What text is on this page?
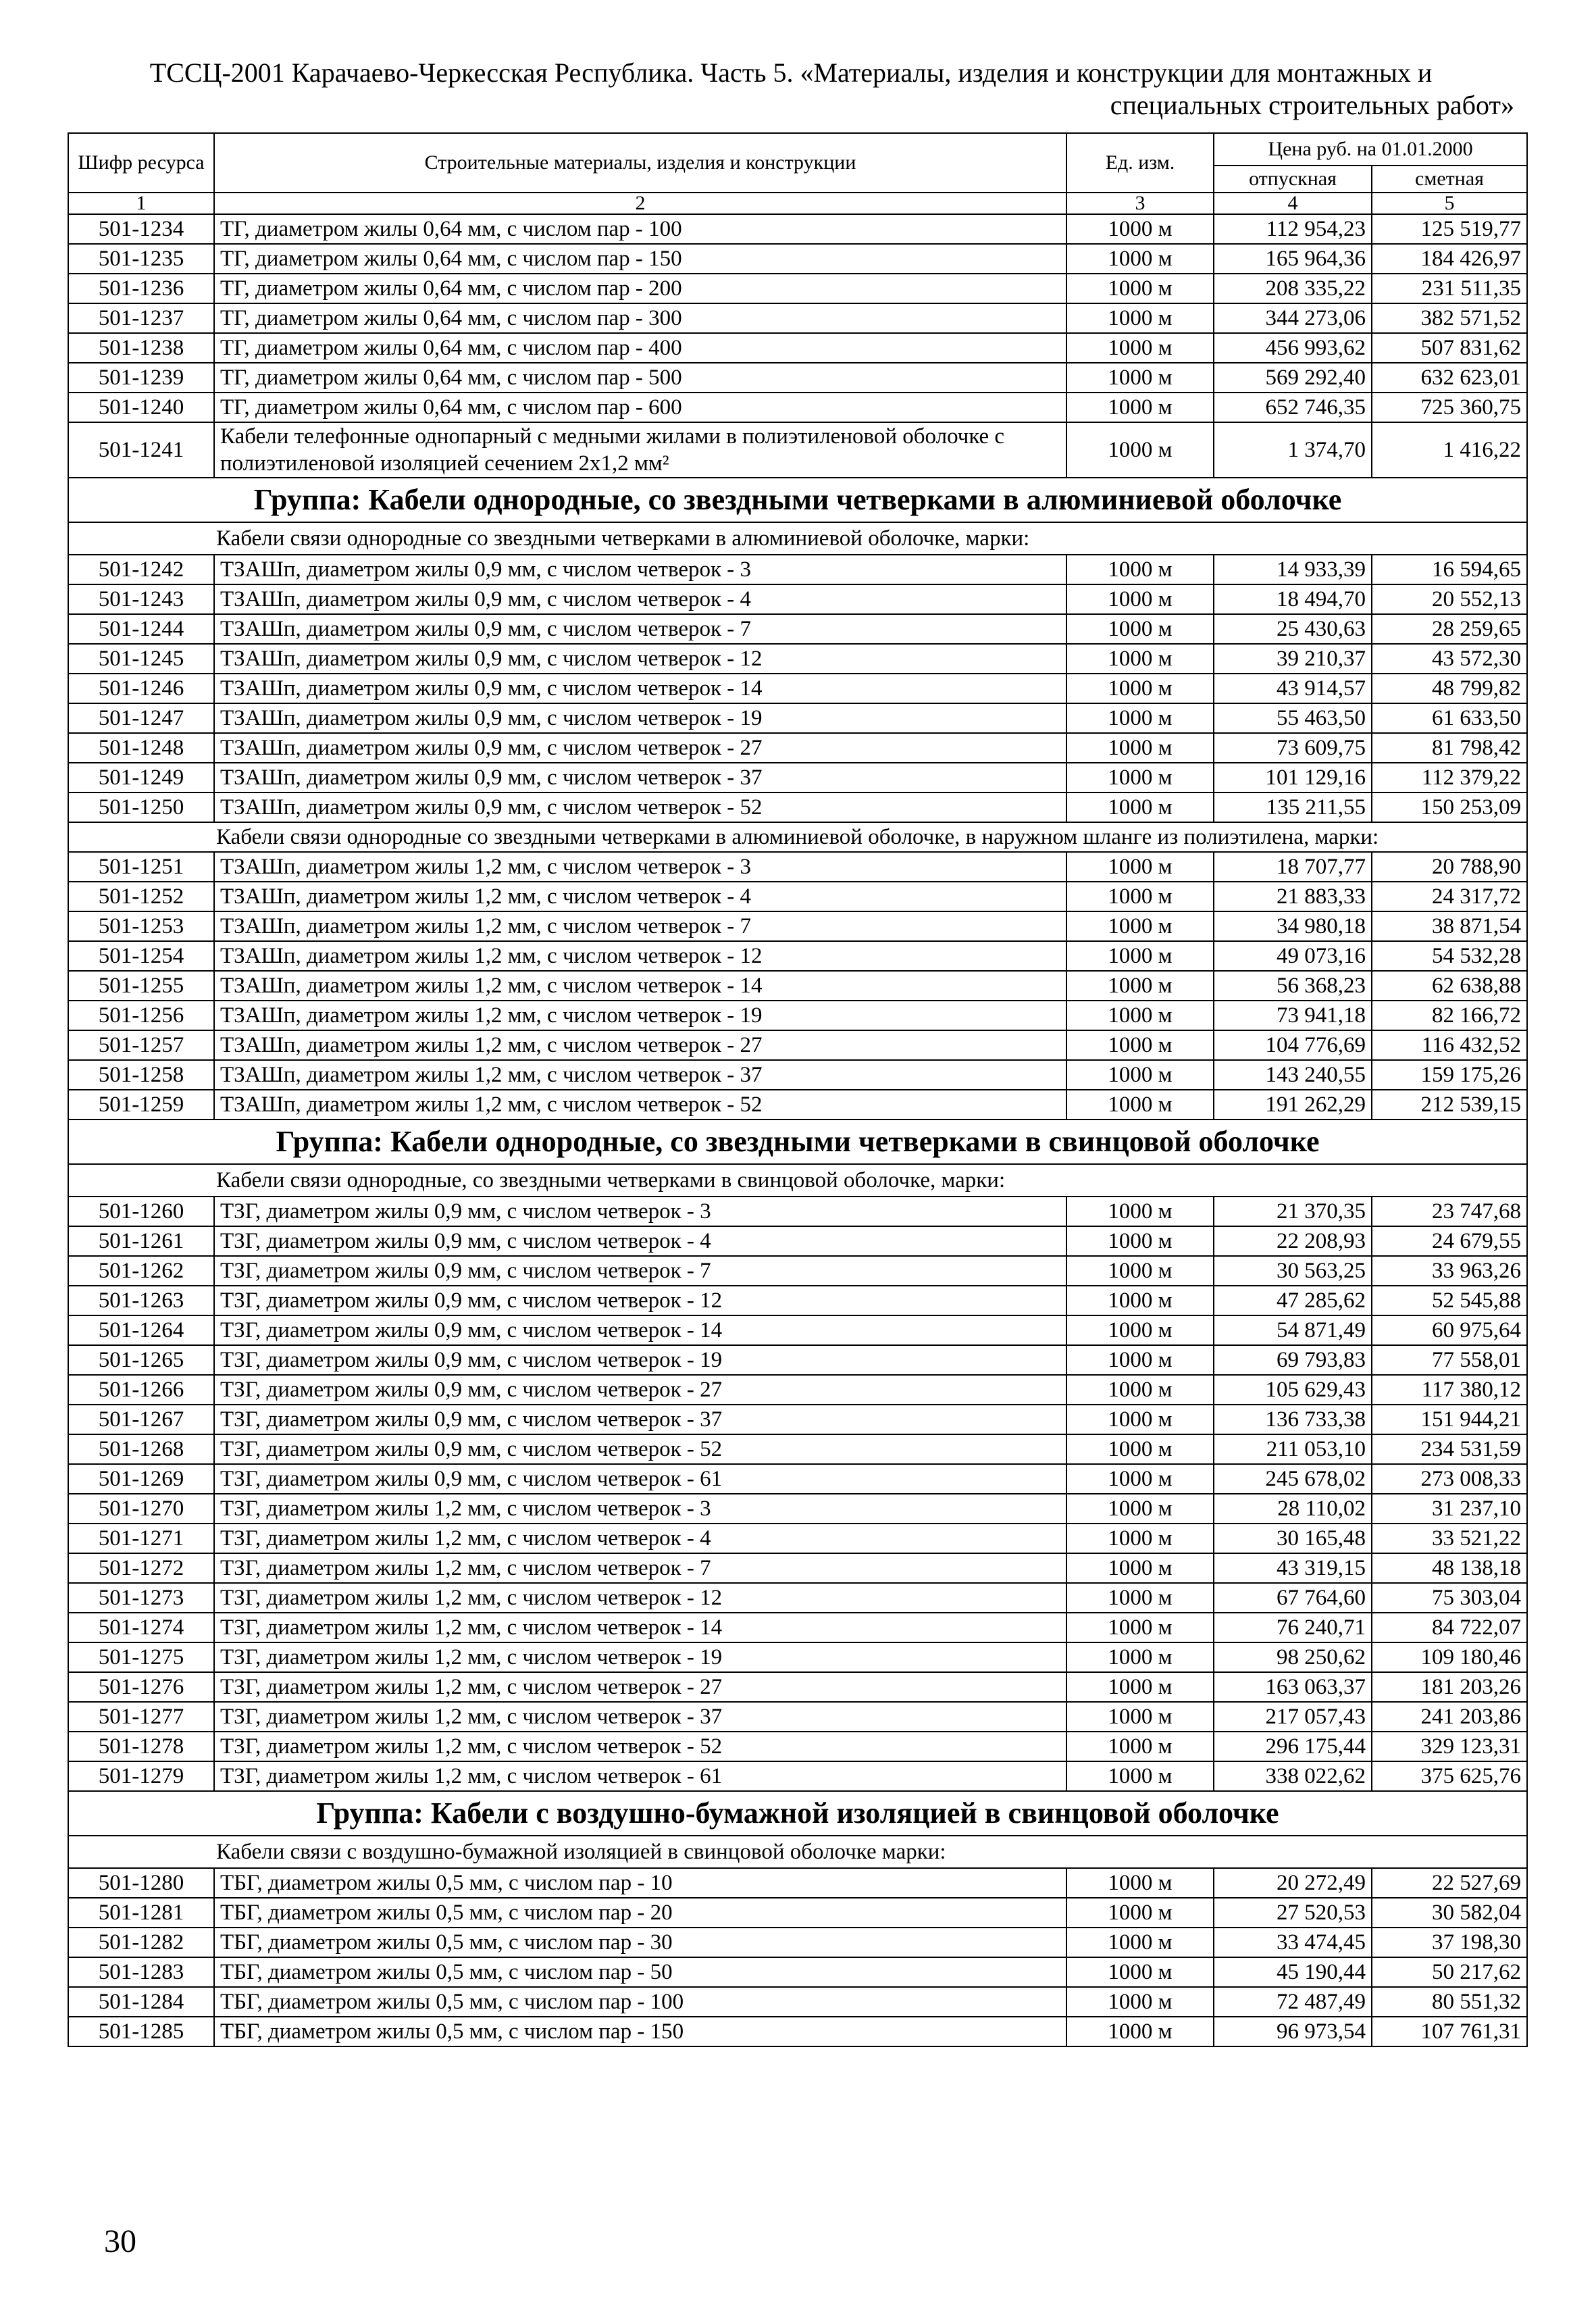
ТССЦ-2001 Карачаево-Черкесская Республика. Часть 5. «Материалы, изделия и конструкции для монтажных и
специальных строительных работ»
Шифр ресурса	Строительные материалы, изделия и конструкции	Ед. изм.	Цена руб. на 01.01.2000	
			отпускная	сметная
1	2	3	4	5
501-1234	ТГ, диаметром жилы 0,64 мм, с числом пар - 100	1000 м	112 954,23	125 519,77
501-1235	ТГ, диаметром жилы 0,64 мм, с числом пар - 150	1000 м	165 964,36	184 426,97
501-1236	ТГ, диаметром жилы 0,64 мм, с числом пар - 200	1000 м	208 335,22	231 511,35
501-1237	ТГ, диаметром жилы 0,64 мм, с числом пар - 300	1000 м	344 273,06	382 571,52
501-1238	ТГ, диаметром жилы 0,64 мм, с числом пар - 400	1000 м	456 993,62	507 831,62
501-1239	ТГ, диаметром жилы 0,64 мм, с числом пар - 500	1000 м	569 292,40	632 623,01
501-1240	ТГ, диаметром жилы 0,64 мм, с числом пар - 600	1000 м	652 746,35	725 360,75
501-1241	Кабели телефонные однопарный с медными жилами в полиэтиленовой оболочке с полиэтиленовой изоляцией сечением 2х1,2 мм²	1000 м	1 374,70	1 416,22
Группа: Кабели однородные, со звездными четверками в алюминиевой оболочке				
Кабели связи однородные со звездными четверками в алюминиевой оболочке, марки:				
501-1242	ТЗАШп, диаметром жилы 0,9 мм, с числом четверок - 3	1000 м	14 933,39	16 594,65
501-1243	ТЗАШп, диаметром жилы 0,9 мм, с числом четверок - 4	1000 м	18 494,70	20 552,13
501-1244	ТЗАШп, диаметром жилы 0,9 мм, с числом четверок - 7	1000 м	25 430,63	28 259,65
501-1245	ТЗАШп, диаметром жилы 0,9 мм, с числом четверок - 12	1000 м	39 210,37	43 572,30
501-1246	ТЗАШп, диаметром жилы 0,9 мм, с числом четверок - 14	1000 м	43 914,57	48 799,82
501-1247	ТЗАШп, диаметром жилы 0,9 мм, с числом четверок - 19	1000 м	55 463,50	61 633,50
501-1248	ТЗАШп, диаметром жилы 0,9 мм, с числом четверок - 27	1000 м	73 609,75	81 798,42
501-1249	ТЗАШп, диаметром жилы 0,9 мм, с числом четверок - 37	1000 м	101 129,16	112 379,22
501-1250	ТЗАШп, диаметром жилы 0,9 мм, с числом четверок - 52	1000 м	135 211,55	150 253,09
Кабели связи однородные со звездными четверками в алюминиевой оболочке, в наружном шланге из полиэтилена, марки:				
501-1251	ТЗАШп, диаметром жилы 1,2 мм, с числом четверок - 3	1000 м	18 707,77	20 788,90
501-1252	ТЗАШп, диаметром жилы 1,2 мм, с числом четверок - 4	1000 м	21 883,33	24 317,72
501-1253	ТЗАШп, диаметром жилы 1,2 мм, с числом четверок - 7	1000 м	34 980,18	38 871,54
501-1254	ТЗАШп, диаметром жилы 1,2 мм, с числом четверок - 12	1000 м	49 073,16	54 532,28
501-1255	ТЗАШп, диаметром жилы 1,2 мм, с числом четверок - 14	1000 м	56 368,23	62 638,88
501-1256	ТЗАШп, диаметром жилы 1,2 мм, с числом четверок - 19	1000 м	73 941,18	82 166,72
501-1257	ТЗАШп, диаметром жилы 1,2 мм, с числом четверок - 27	1000 м	104 776,69	116 432,52
501-1258	ТЗАШп, диаметром жилы 1,2 мм, с числом четверок - 37	1000 м	143 240,55	159 175,26
501-1259	ТЗАШп, диаметром жилы 1,2 мм, с числом четверок - 52	1000 м	191 262,29	212 539,15
Группа: Кабели однородные, со звездными четверками в свинцовой оболочке				
Кабели связи однородные, со звездными четверками в свинцовой оболочке, марки:				
501-1260	ТЗГ, диаметром жилы 0,9 мм, с числом четверок - 3	1000 м	21 370,35	23 747,68
501-1261	ТЗГ, диаметром жилы 0,9 мм, с числом четверок - 4	1000 м	22 208,93	24 679,55
501-1262	ТЗГ, диаметром жилы 0,9 мм, с числом четверок - 7	1000 м	30 563,25	33 963,26
501-1263	ТЗГ, диаметром жилы 0,9 мм, с числом четверок - 12	1000 м	47 285,62	52 545,88
501-1264	ТЗГ, диаметром жилы 0,9 мм, с числом четверок - 14	1000 м	54 871,49	60 975,64
501-1265	ТЗГ, диаметром жилы 0,9 мм, с числом четверок - 19	1000 м	69 793,83	77 558,01
501-1266	ТЗГ, диаметром жилы 0,9 мм, с числом четверок - 27	1000 м	105 629,43	117 380,12
501-1267	ТЗГ, диаметром жилы 0,9 мм, с числом четверок - 37	1000 м	136 733,38	151 944,21
501-1268	ТЗГ, диаметром жилы 0,9 мм, с числом четверок - 52	1000 м	211 053,10	234 531,59
501-1269	ТЗГ, диаметром жилы 0,9 мм, с числом четверок - 61	1000 м	245 678,02	273 008,33
501-1270	ТЗГ, диаметром жилы 1,2 мм, с числом четверок - 3	1000 м	28 110,02	31 237,10
501-1271	ТЗГ, диаметром жилы 1,2 мм, с числом четверок - 4	1000 м	30 165,48	33 521,22
501-1272	ТЗГ, диаметром жилы 1,2 мм, с числом четверок - 7	1000 м	43 319,15	48 138,18
501-1273	ТЗГ, диаметром жилы 1,2 мм, с числом четверок - 12	1000 м	67 764,60	75 303,04
501-1274	ТЗГ, диаметром жилы 1,2 мм, с числом четверок - 14	1000 м	76 240,71	84 722,07
501-1275	ТЗГ, диаметром жилы 1,2 мм, с числом четверок - 19	1000 м	98 250,62	109 180,46
501-1276	ТЗГ, диаметром жилы 1,2 мм, с числом четверок - 27	1000 м	163 063,37	181 203,26
501-1277	ТЗГ, диаметром жилы 1,2 мм, с числом четверок - 37	1000 м	217 057,43	241 203,86
501-1278	ТЗГ, диаметром жилы 1,2 мм, с числом четверок - 52	1000 м	296 175,44	329 123,31
501-1279	ТЗГ, диаметром жилы 1,2 мм, с числом четверок - 61	1000 м	338 022,62	375 625,76
Группа: Кабели с воздушно-бумажной изоляцией в свинцовой оболочке				
Кабели связи с воздушно-бумажной изоляцией в свинцовой оболочке марки:				
501-1280	ТБГ, диаметром жилы 0,5 мм, с числом пар - 10	1000 м	20 272,49	22 527,69
501-1281	ТБГ, диаметром жилы 0,5 мм, с числом пар - 20	1000 м	27 520,53	30 582,04
501-1282	ТБГ, диаметром жилы 0,5 мм, с числом пар - 30	1000 м	33 474,45	37 198,30
501-1283	ТБГ, диаметром жилы 0,5 мм, с числом пар - 50	1000 м	45 190,44	50 217,62
501-1284	ТБГ, диаметром жилы 0,5 мм, с числом пар - 100	1000 м	72 487,49	80 551,32
501-1285	ТБГ, диаметром жилы 0,5 мм, с числом пар - 150	1000 м	96 973,54	107 761,31
30
